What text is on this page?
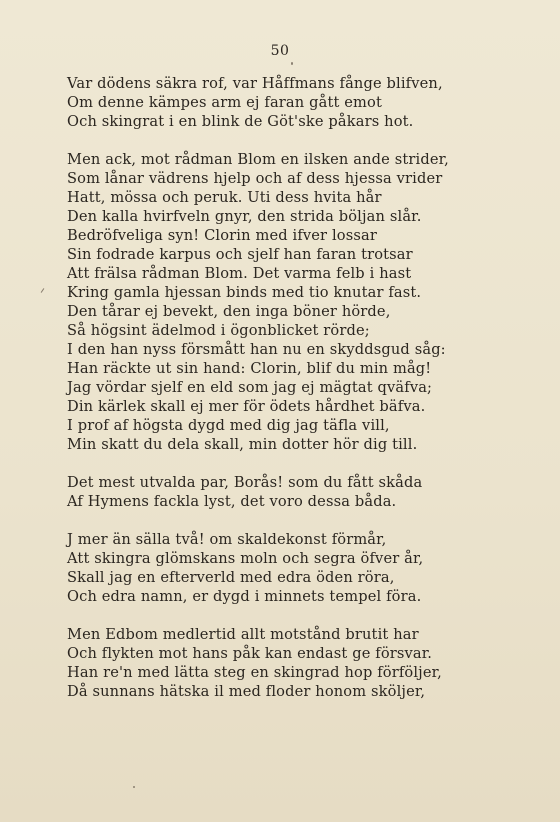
50
Var dödens säkra rof, var Håffmans fånge blifven,
Om denne kämpes arm ej faran gått emot
Och skingrat i en blink de Göt'ske påkars hot.
Men ack, mot rådman Blom en ilsken ande strider,
Som lånar vädrens hjelp och af dess hjessa vrider
Hatt, mössa och peruk. Uti dess hvita hår
Den kalla hvirfveln gnyr, den strida böljan slår.
Bedröfveliga syn! Clorin med ifver lossar
Sin fodrade karpus och sjelf han faran trotsar
Att frälsa rådman Blom. Det varma felb i hast
Kring gamla hjessan binds med tio knutar fast.
Den tårar ej bevekt, den inga böner hörde,
Så högsint ädelmod i ögonblicket rörde;
I den han nyss försmått han nu en skyddsgud såg:
Han räckte ut sin hand: Clorin, blif du min måg!
Jag vördar sjelf en eld som jag ej mägtat qväfva;
Din kärlek skall ej mer för ödets hårdhet bäfva.
I prof af högsta dygd med dig jag täfla vill,
Min skatt du dela skall, min dotter hör dig till.
Det mest utvalda par, Borås! som du fått skåda
Af Hymens fackla lyst, det voro dessa båda.
J mer än sälla två! om skaldekonst förmår,
Att skingra glömskans moln och segra öfver år,
Skall jag en efterverld med edra öden röra,
Och edra namn, er dygd i minnets tempel föra.
Men Edbom medlertid allt motstånd brutit har
Och flykten mot hans påk kan endast ge försvar.
Han re'n med lätta steg en skingrad hop förföljer,
Då sunnans hätska il med floder honom sköljer,
